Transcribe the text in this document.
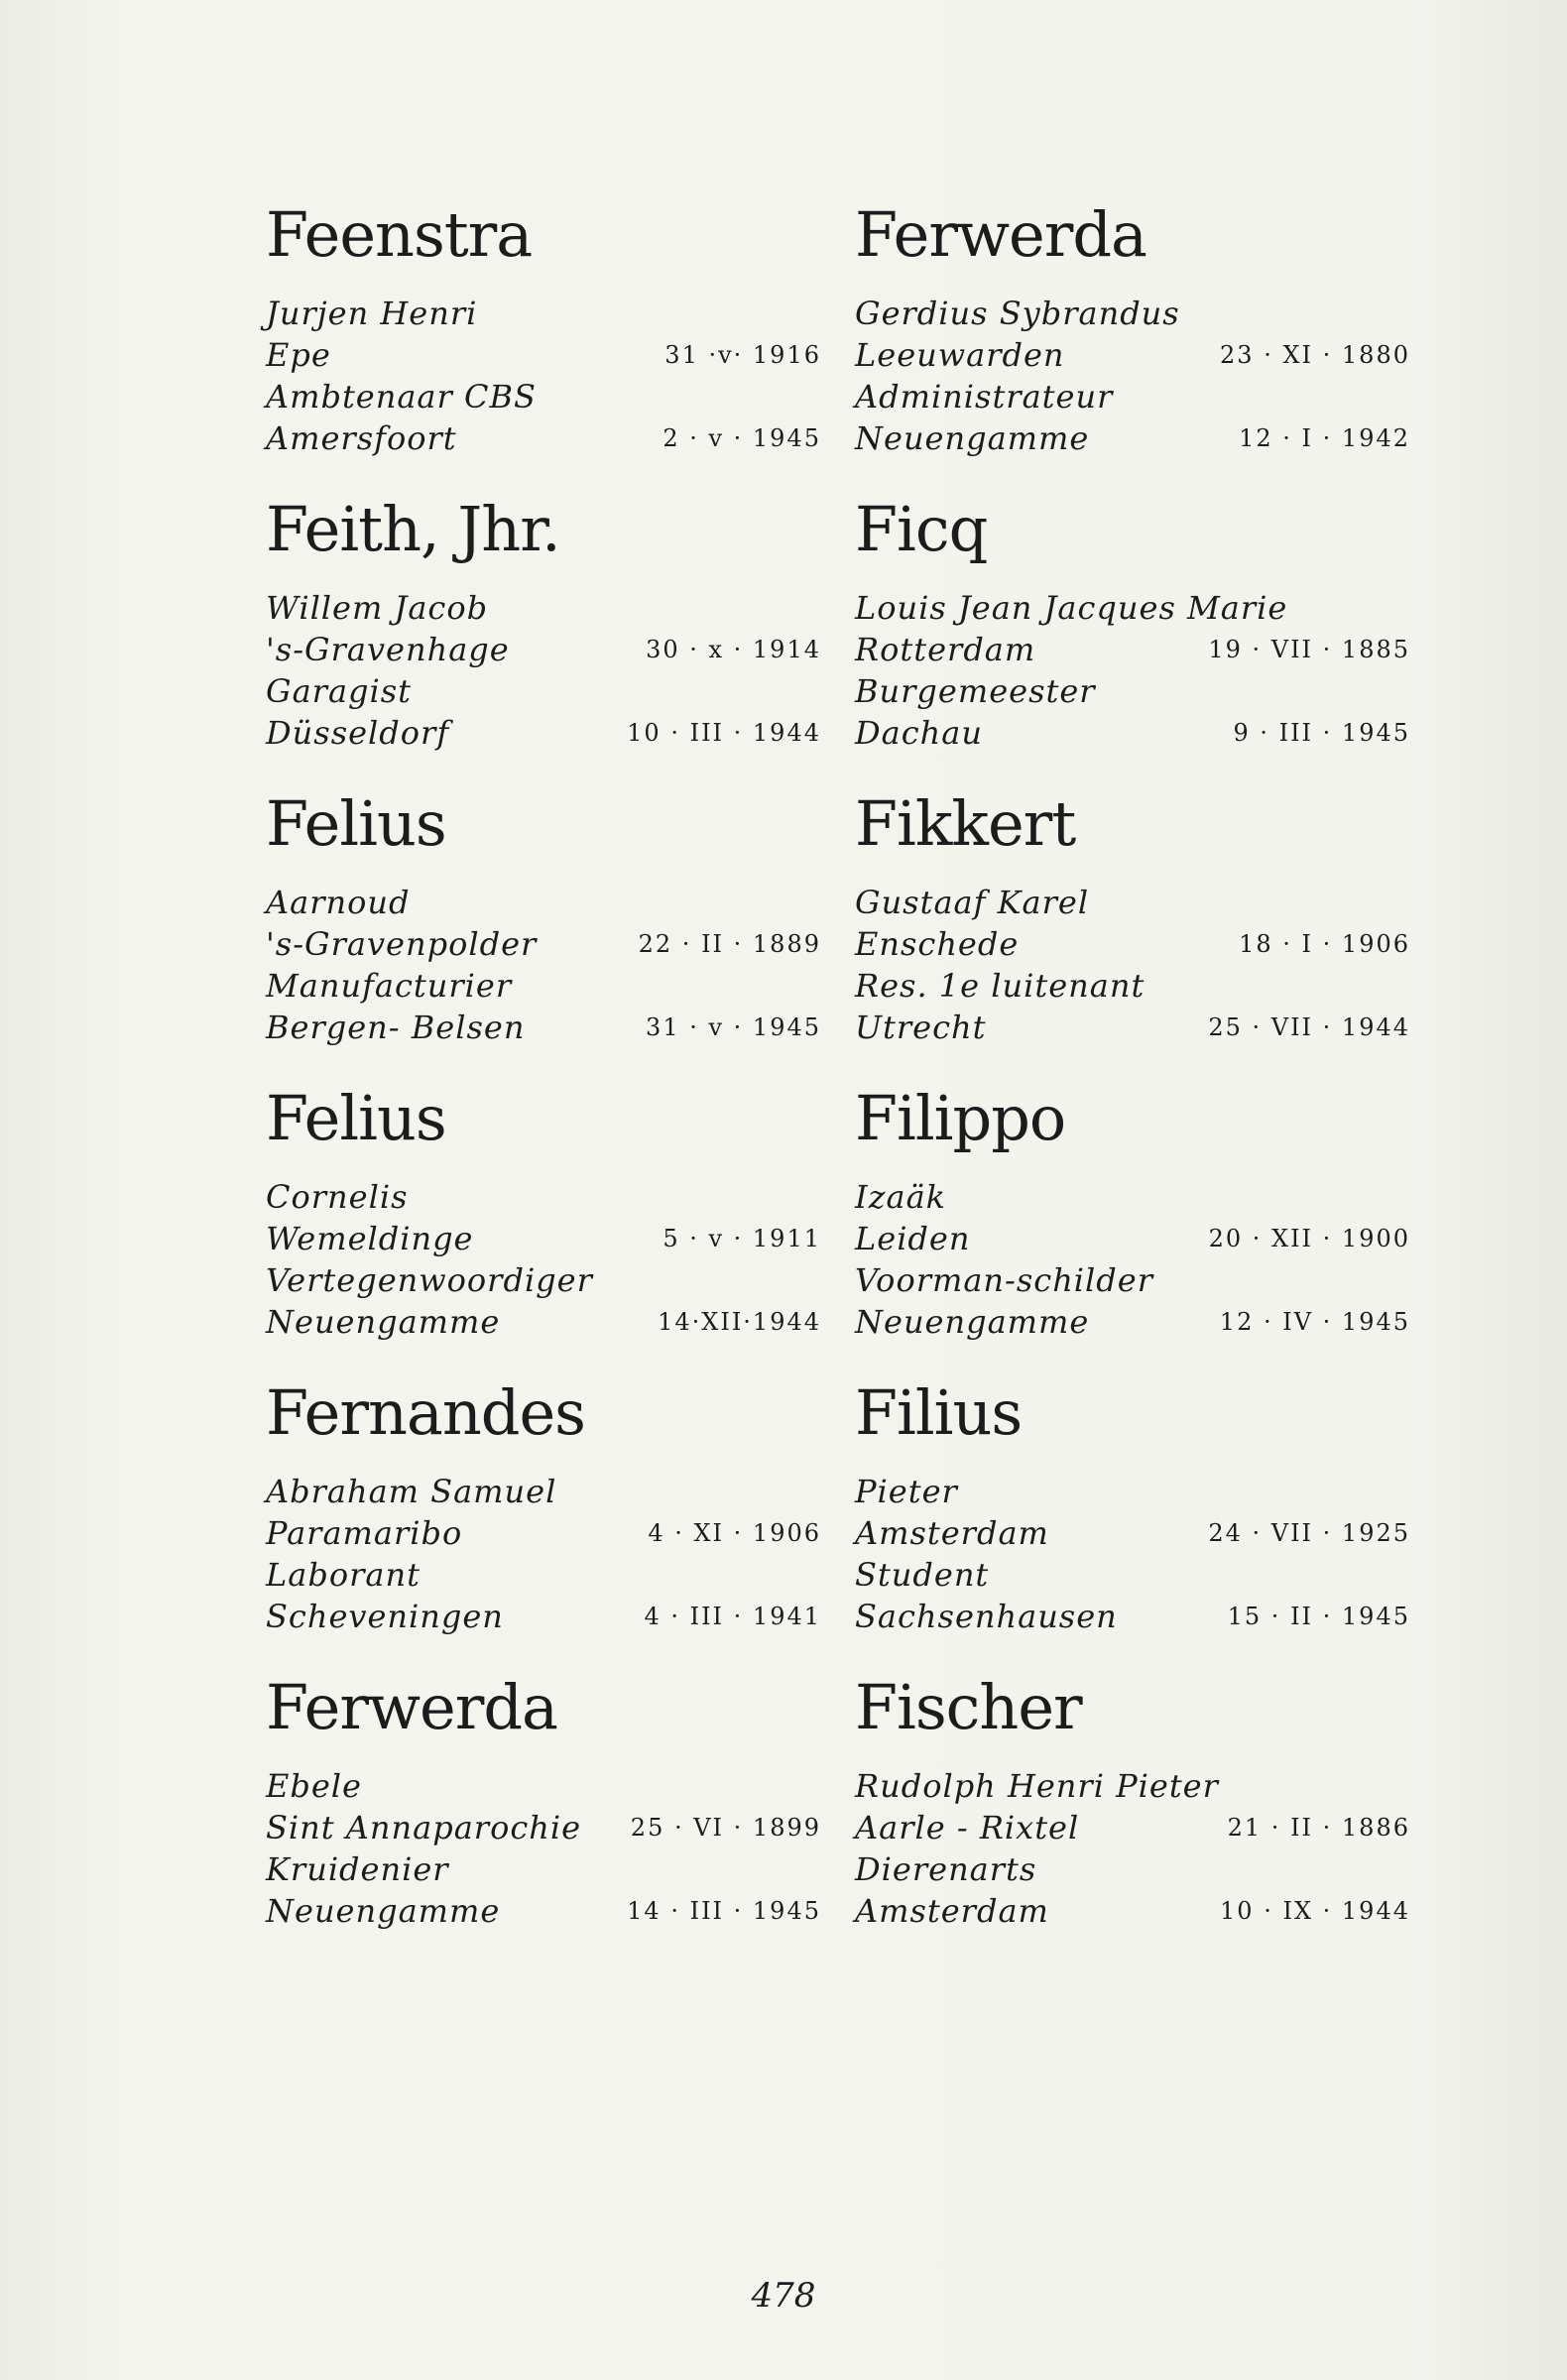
Feenstra
Jurjen Henri
Epe	31 ·v· 1916
Ambtenaar CBS
Amersfoort	2 · v · 1945
Feith, Jhr.
Willem Jacob
's-Gravenhage	30 · x · 1914
Garagist
Düsseldorf	10 · III · 1944
Felius
Aarnoud
's-Gravenpolder	22 · II · 1889
Manufacturier
Bergen- Belsen	31 · v · 1945
Felius
Cornelis
Wemeldinge	5 · v · 1911
Vertegenwoordiger
Neuengamme	14·XII·1944
Fernandes
Abraham Samuel
Paramaribo	4 · XI · 1906
Laborant
Scheveningen	4 · III · 1941
Ferwerda
Ebele
Sint Annaparochie 25 · VI · 1899
Kruidenier
Neuengamme	14 · III · 1945
Ferwerda
Gerdius Sybrandus
Leeuwarden	23 · XI · 1880
Administrateur
Neuengamme	12 · I · 1942
Ficq
Louis Jean Jacques Marie
Rotterdam	19 · VII · 1885
Burgemeester
Dachau	9 · III · 1945
Fikkert
Gustaaf Karel
Enschede	18 · I · 1906
Res. 1e luitenant
Utrecht	25 · VII · 1944
Filippo
Izaäk
Leiden	20 · XII · 1900
Voorman-schilder
Neuengamme	12 · IV · 1945
Filius
Pieter
Amsterdam	24 · VII · 1925
Student
Sachsenhausen	15 · II · 1945
Fischer
Rudolph Henri Pieter
Aarle - Rixtel	21 · II · 1886
Dierenarts
Amsterdam	10 · IX · 1944
478
